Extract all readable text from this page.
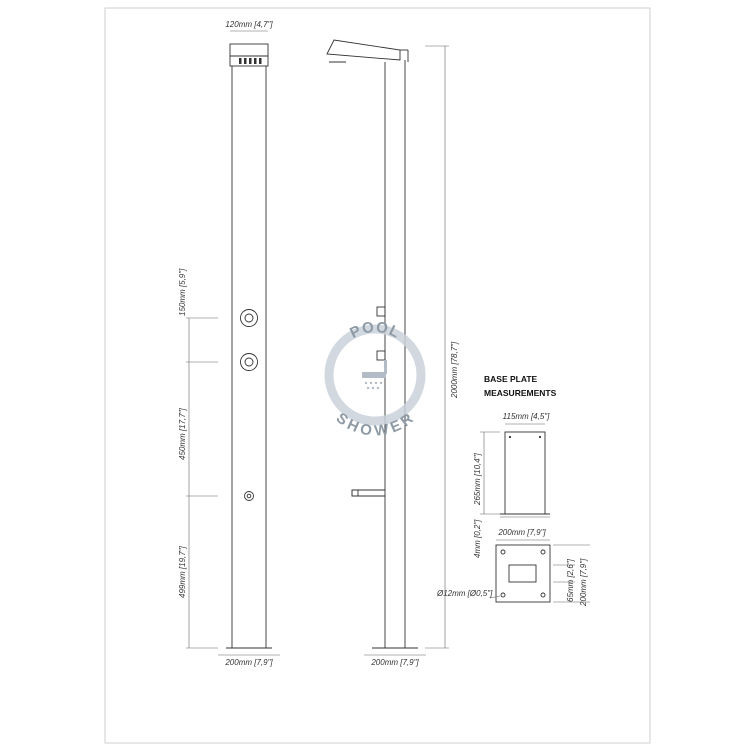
120mm [4,7"]
200mm [7,9"]
150mm [5,9"]
450mm [17,7"]
499mm [19,7"]
200mm [7,9"]
2000mm [78,7"]
POOL
SHOWER
BASE PLATE
MEASUREMENTS
115mm [4,5"]
265mm [10,4"]
4mm [0,2"] 200mm [7,9"]
Ø12mm [Ø0,5"]	65mm [2,6"] 200mm [7,9"]
